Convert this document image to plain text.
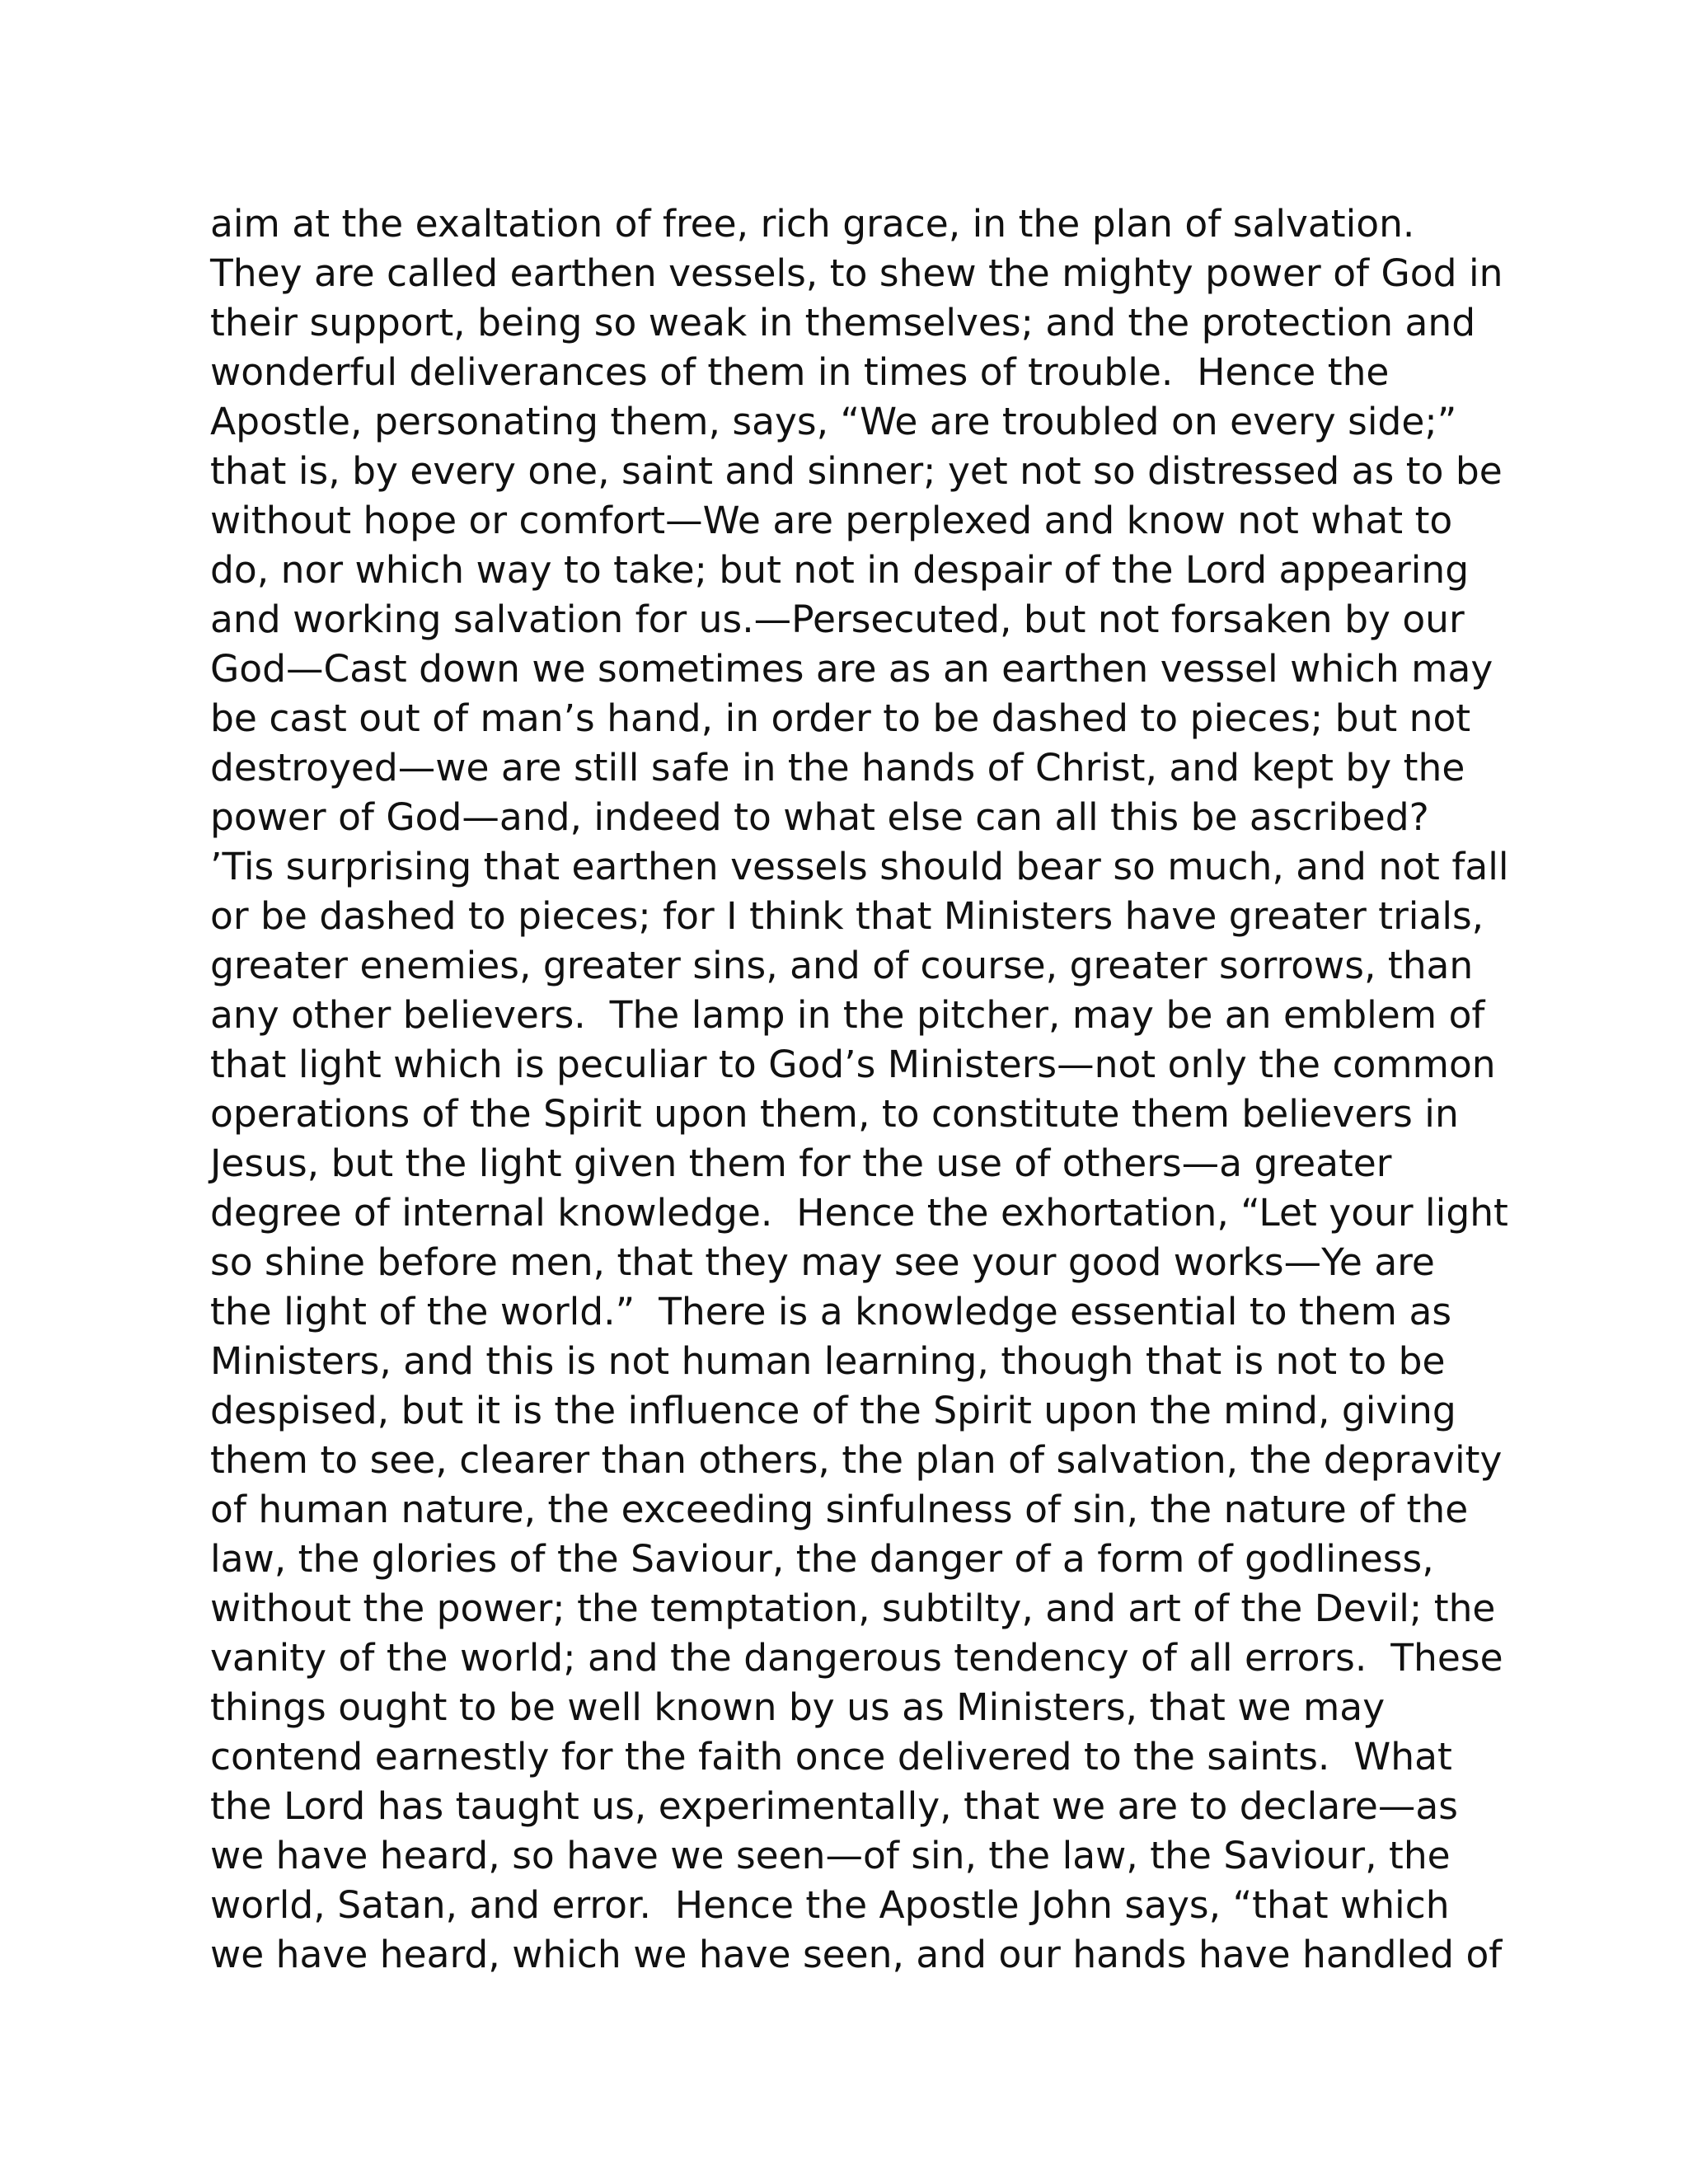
aim at the exaltation of free, rich grace, in the plan of salvation.
They are called earthen vessels, to shew the mighty power of God in
their support, being so weak in themselves; and the protection and
wonderful deliverances of them in times of trouble.  Hence the
Apostle, personating them, says, “We are troubled on every side;”
that is, by every one, saint and sinner; yet not so distressed as to be
without hope or comfort—We are perplexed and know not what to
do, nor which way to take; but not in despair of the Lord appearing
and working salvation for us.—Persecuted, but not forsaken by our
God—Cast down we sometimes are as an earthen vessel which may
be cast out of man’s hand, in order to be dashed to pieces; but not
destroyed—we are still safe in the hands of Christ, and kept by the
power of God—and, indeed to what else can all this be ascribed?
’Tis surprising that earthen vessels should bear so much, and not fall
or be dashed to pieces; for I think that Ministers have greater trials,
greater enemies, greater sins, and of course, greater sorrows, than
any other believers.  The lamp in the pitcher, may be an emblem of
that light which is peculiar to God’s Ministers—not only the common
operations of the Spirit upon them, to constitute them believers in
Jesus, but the light given them for the use of others—a greater
degree of internal knowledge.  Hence the exhortation, “Let your light
so shine before men, that they may see your good works—Ye are
the light of the world.”  There is a knowledge essential to them as
Ministers, and this is not human learning, though that is not to be
despised, but it is the influence of the Spirit upon the mind, giving
them to see, clearer than others, the plan of salvation, the depravity
of human nature, the exceeding sinfulness of sin, the nature of the
law, the glories of the Saviour, the danger of a form of godliness,
without the power; the temptation, subtilty, and art of the Devil; the
vanity of the world; and the dangerous tendency of all errors.  These
things ought to be well known by us as Ministers, that we may
contend earnestly for the faith once delivered to the saints.  What
the Lord has taught us, experimentally, that we are to declare—as
we have heard, so have we seen—of sin, the law, the Saviour, the
world, Satan, and error.  Hence the Apostle John says, “that which
we have heard, which we have seen, and our hands have handled of
